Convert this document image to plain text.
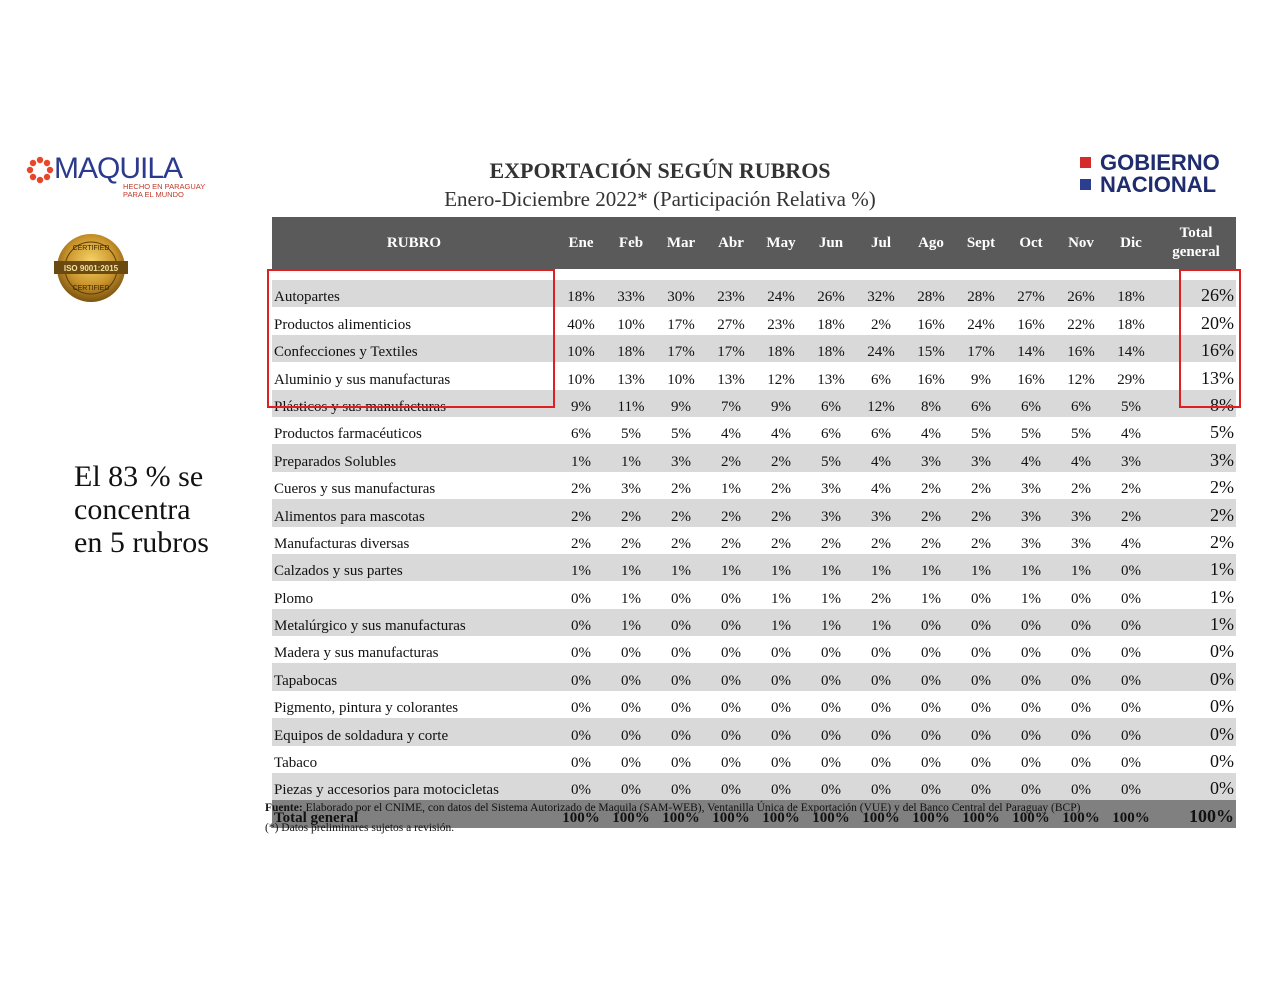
MAQUILA
HECHO EN PARAGUAY
PARA EL MUNDO
CERTIFIED
ISO 9001:2015
CERTIFIED
GOBIERNO
NACIONAL
EXPORTACIÓN SEGÚN RUBROS
Enero-Diciembre 2022* (Participación Relativa %)
El 83 % se
concentra
en 5 rubros
RUBRO	Ene	Feb	Mar	Abr	May	Jun	Jul	Ago	Sept	Oct	Nov	Dic	Total
general

Autopartes	18%	33%	30%	23%	24%	26%	32%	28%	28%	27%	26%	18%	26%
Productos alimenticios	40%	10%	17%	27%	23%	18%	2%	16%	24%	16%	22%	18%	20%
Confecciones y Textiles	10%	18%	17%	17%	18%	18%	24%	15%	17%	14%	16%	14%	16%
Aluminio y sus manufacturas	10%	13%	10%	13%	12%	13%	6%	16%	9%	16%	12%	29%	13%
Plásticos y sus manufacturas	9%	11%	9%	7%	9%	6%	12%	8%	6%	6%	6%	5%	8%
Productos farmacéuticos	6%	5%	5%	4%	4%	6%	6%	4%	5%	5%	5%	4%	5%
Preparados Solubles	1%	1%	3%	2%	2%	5%	4%	3%	3%	4%	4%	3%	3%
Cueros y sus manufacturas	2%	3%	2%	1%	2%	3%	4%	2%	2%	3%	2%	2%	2%
Alimentos para mascotas	2%	2%	2%	2%	2%	3%	3%	2%	2%	3%	3%	2%	2%
Manufacturas diversas	2%	2%	2%	2%	2%	2%	2%	2%	2%	3%	3%	4%	2%
Calzados y sus partes	1%	1%	1%	1%	1%	1%	1%	1%	1%	1%	1%	0%	1%
Plomo	0%	1%	0%	0%	1%	1%	2%	1%	0%	1%	0%	0%	1%
Metalúrgico y sus manufacturas	0%	1%	0%	0%	1%	1%	1%	0%	0%	0%	0%	0%	1%
Madera y sus manufacturas	0%	0%	0%	0%	0%	0%	0%	0%	0%	0%	0%	0%	0%
Tapabocas	0%	0%	0%	0%	0%	0%	0%	0%	0%	0%	0%	0%	0%
Pigmento, pintura y colorantes	0%	0%	0%	0%	0%	0%	0%	0%	0%	0%	0%	0%	0%
Equipos de soldadura y corte	0%	0%	0%	0%	0%	0%	0%	0%	0%	0%	0%	0%	0%
Tabaco	0%	0%	0%	0%	0%	0%	0%	0%	0%	0%	0%	0%	0%
Piezas y accesorios para motocicletas	0%	0%	0%	0%	0%	0%	0%	0%	0%	0%	0%	0%	0%
Total general	100%	100%	100%	100%	100%	100%	100%	100%	100%	100%	100%	100%	100%
Fuente: Elaborado por el CNIME, con datos del Sistema Autorizado de Maquila (SAM-WEB), Ventanilla Única de Exportación (VUE) y del Banco Central del Paraguay (BCP)
(*) Datos preliminares sujetos a revisión.
